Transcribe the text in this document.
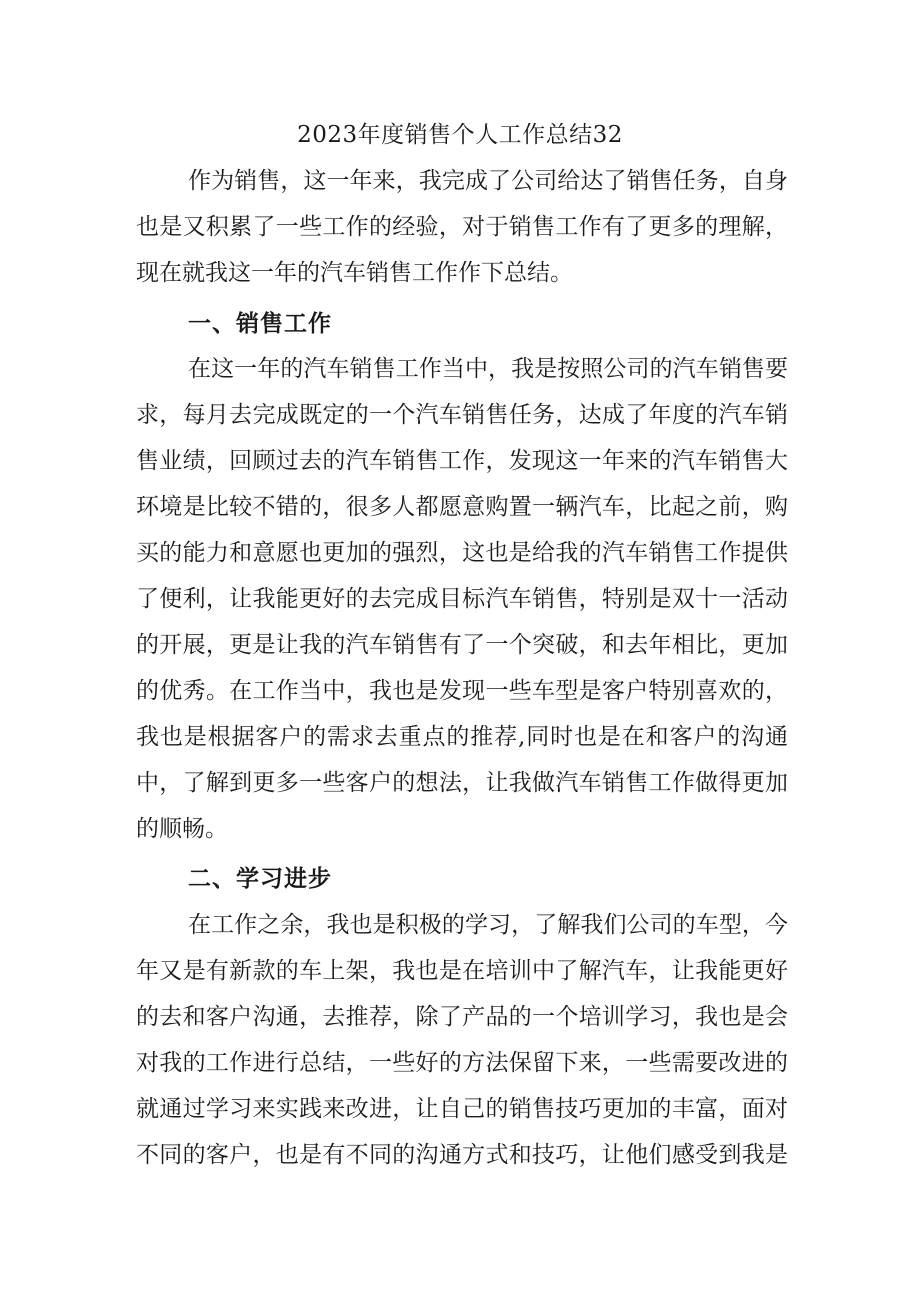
2023年度销售个人工作总结32
作为销售，这一年来，我完成了公司给达了销售任务，自身
也是又积累了一些工作的经验，对于销售工作有了更多的理解，
现在就我这一年的汽车销售工作作下总结。
一、销售工作
在这一年的汽车销售工作当中，我是按照公司的汽车销售要
求，每月去完成既定的一个汽车销售任务，达成了年度的汽车销
售业绩，回顾过去的汽车销售工作，发现这一年来的汽车销售大
环境是比较不错的，很多人都愿意购置一辆汽车，比起之前，购
买的能力和意愿也更加的强烈，这也是给我的汽车销售工作提供
了便利，让我能更好的去完成目标汽车销售，特别是双十一活动
的开展，更是让我的汽车销售有了一个突破，和去年相比，更加
的优秀。在工作当中，我也是发现一些车型是客户特别喜欢的，
我也是根据客户的需求去重点的推荐,同时也是在和客户的沟通
中，了解到更多一些客户的想法，让我做汽车销售工作做得更加
的顺畅。
二、学习进步
在工作之余，我也是积极的学习，了解我们公司的车型，今
年又是有新款的车上架，我也是在培训中了解汽车，让我能更好
的去和客户沟通，去推荐，除了产品的一个培训学习，我也是会
对我的工作进行总结，一些好的方法保留下来，一些需要改进的
就通过学习来实践来改进，让自己的销售技巧更加的丰富，面对
不同的客户，也是有不同的沟通方式和技巧，让他们感受到我是
